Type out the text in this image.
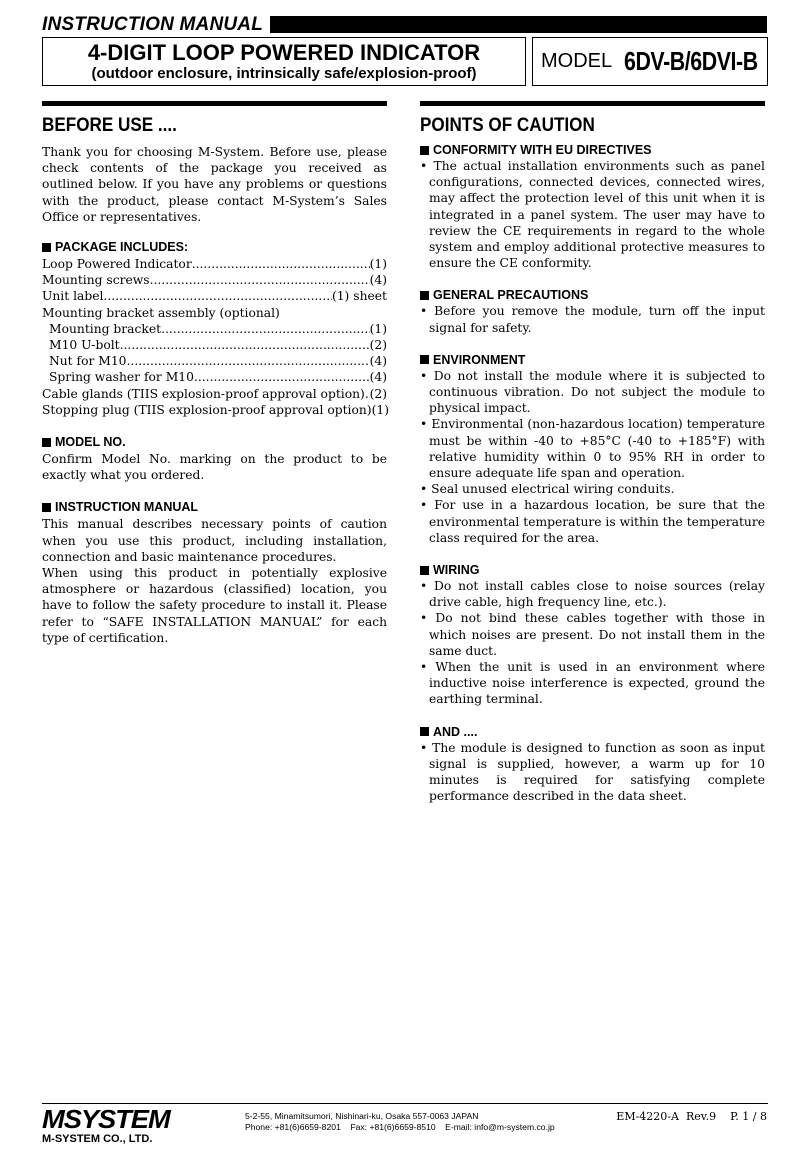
INSTRUCTION MANUAL
4-DIGIT LOOP POWERED INDICATOR
(outdoor enclosure, intrinsically safe/explosion-proof)
MODEL 6DV-B/6DVI-B
BEFORE USE ....

Thank you for choosing M-System. Before use, please check contents of the package you received as outlined below. If you have any problems or questions with the product, please contact M-System’s Sales Office or representatives.

PACKAGE INCLUDES:
Loop Powered Indicator .....	(1)
Mounting screws .....	(4)
Unit label .....	(1) sheet
Mounting bracket assembly (optional)
Mounting bracket .....	(1)
M10 U-bolt .....	(2)
Nut for M10 .....	(4)
Spring washer for M10 .....	(4)
Cable glands (TIIS explosion-proof approval option) ..... (2)
Stopping plug (TIIS explosion-proof approval option) (1)
MODEL NO.

Confirm Model No. marking on the product to be exactly what you ordered.

INSTRUCTION MANUAL

This manual describes necessary points of caution when you use this product, including installation, connection and basic maintenance procedures.

When using this product in potentially explosive atmosphere or hazardous (classified) location, you have to follow the safety procedure to install it. Please refer to “SAFE INSTALLATION MANUAL” for each type of certification.

POINTS OF CAUTION
CONFORMITY WITH EU DIRECTIVES
• The actual installation environments such as panel configurations, connected devices, connected wires, may affect the protection level of this unit when it is integrated in a panel system. The user may have to review the CE requirements in regard to the whole system and employ additional protective measures to ensure the CE conformity.
GENERAL PRECAUTIONS
• Before you remove the module, turn off the input signal for safety.
ENVIRONMENT
• Do not install the module where it is subjected to continuous vibration. Do not subject the module to physical impact.
• Environmental (non-hazardous location) temperature must be within -40 to +85°C (-40 to +185°F) with relative humidity within 0 to 95% RH in order to ensure adequate life span and operation.
• Seal unused electrical wiring conduits.
• For use in a hazardous location, be sure that the environmental temperature is within the temperature class required for the area.
WIRING
• Do not install cables close to noise sources (relay drive cable, high frequency line, etc.).
• Do not bind these cables together with those in which noises are present. Do not install them in the same duct.
• When the unit is used in an environment where inductive noise interference is expected, ground the earthing terminal.
AND ....
• The module is designed to function as soon as input signal is supplied, however, a warm up for 10 minutes is required for satisfying complete performance described in the data sheet.
MSYSTEM
M-SYSTEM CO., LTD.
5-2-55, Minamitsumori, Nishinari-ku, Osaka 557-0063 JAPAN
Phone: +81(6)6659-8201    Fax: +81(6)6659-8510    E-mail: info@m-system.co.jp
EM-4220-A  Rev.9    P. 1 / 8
